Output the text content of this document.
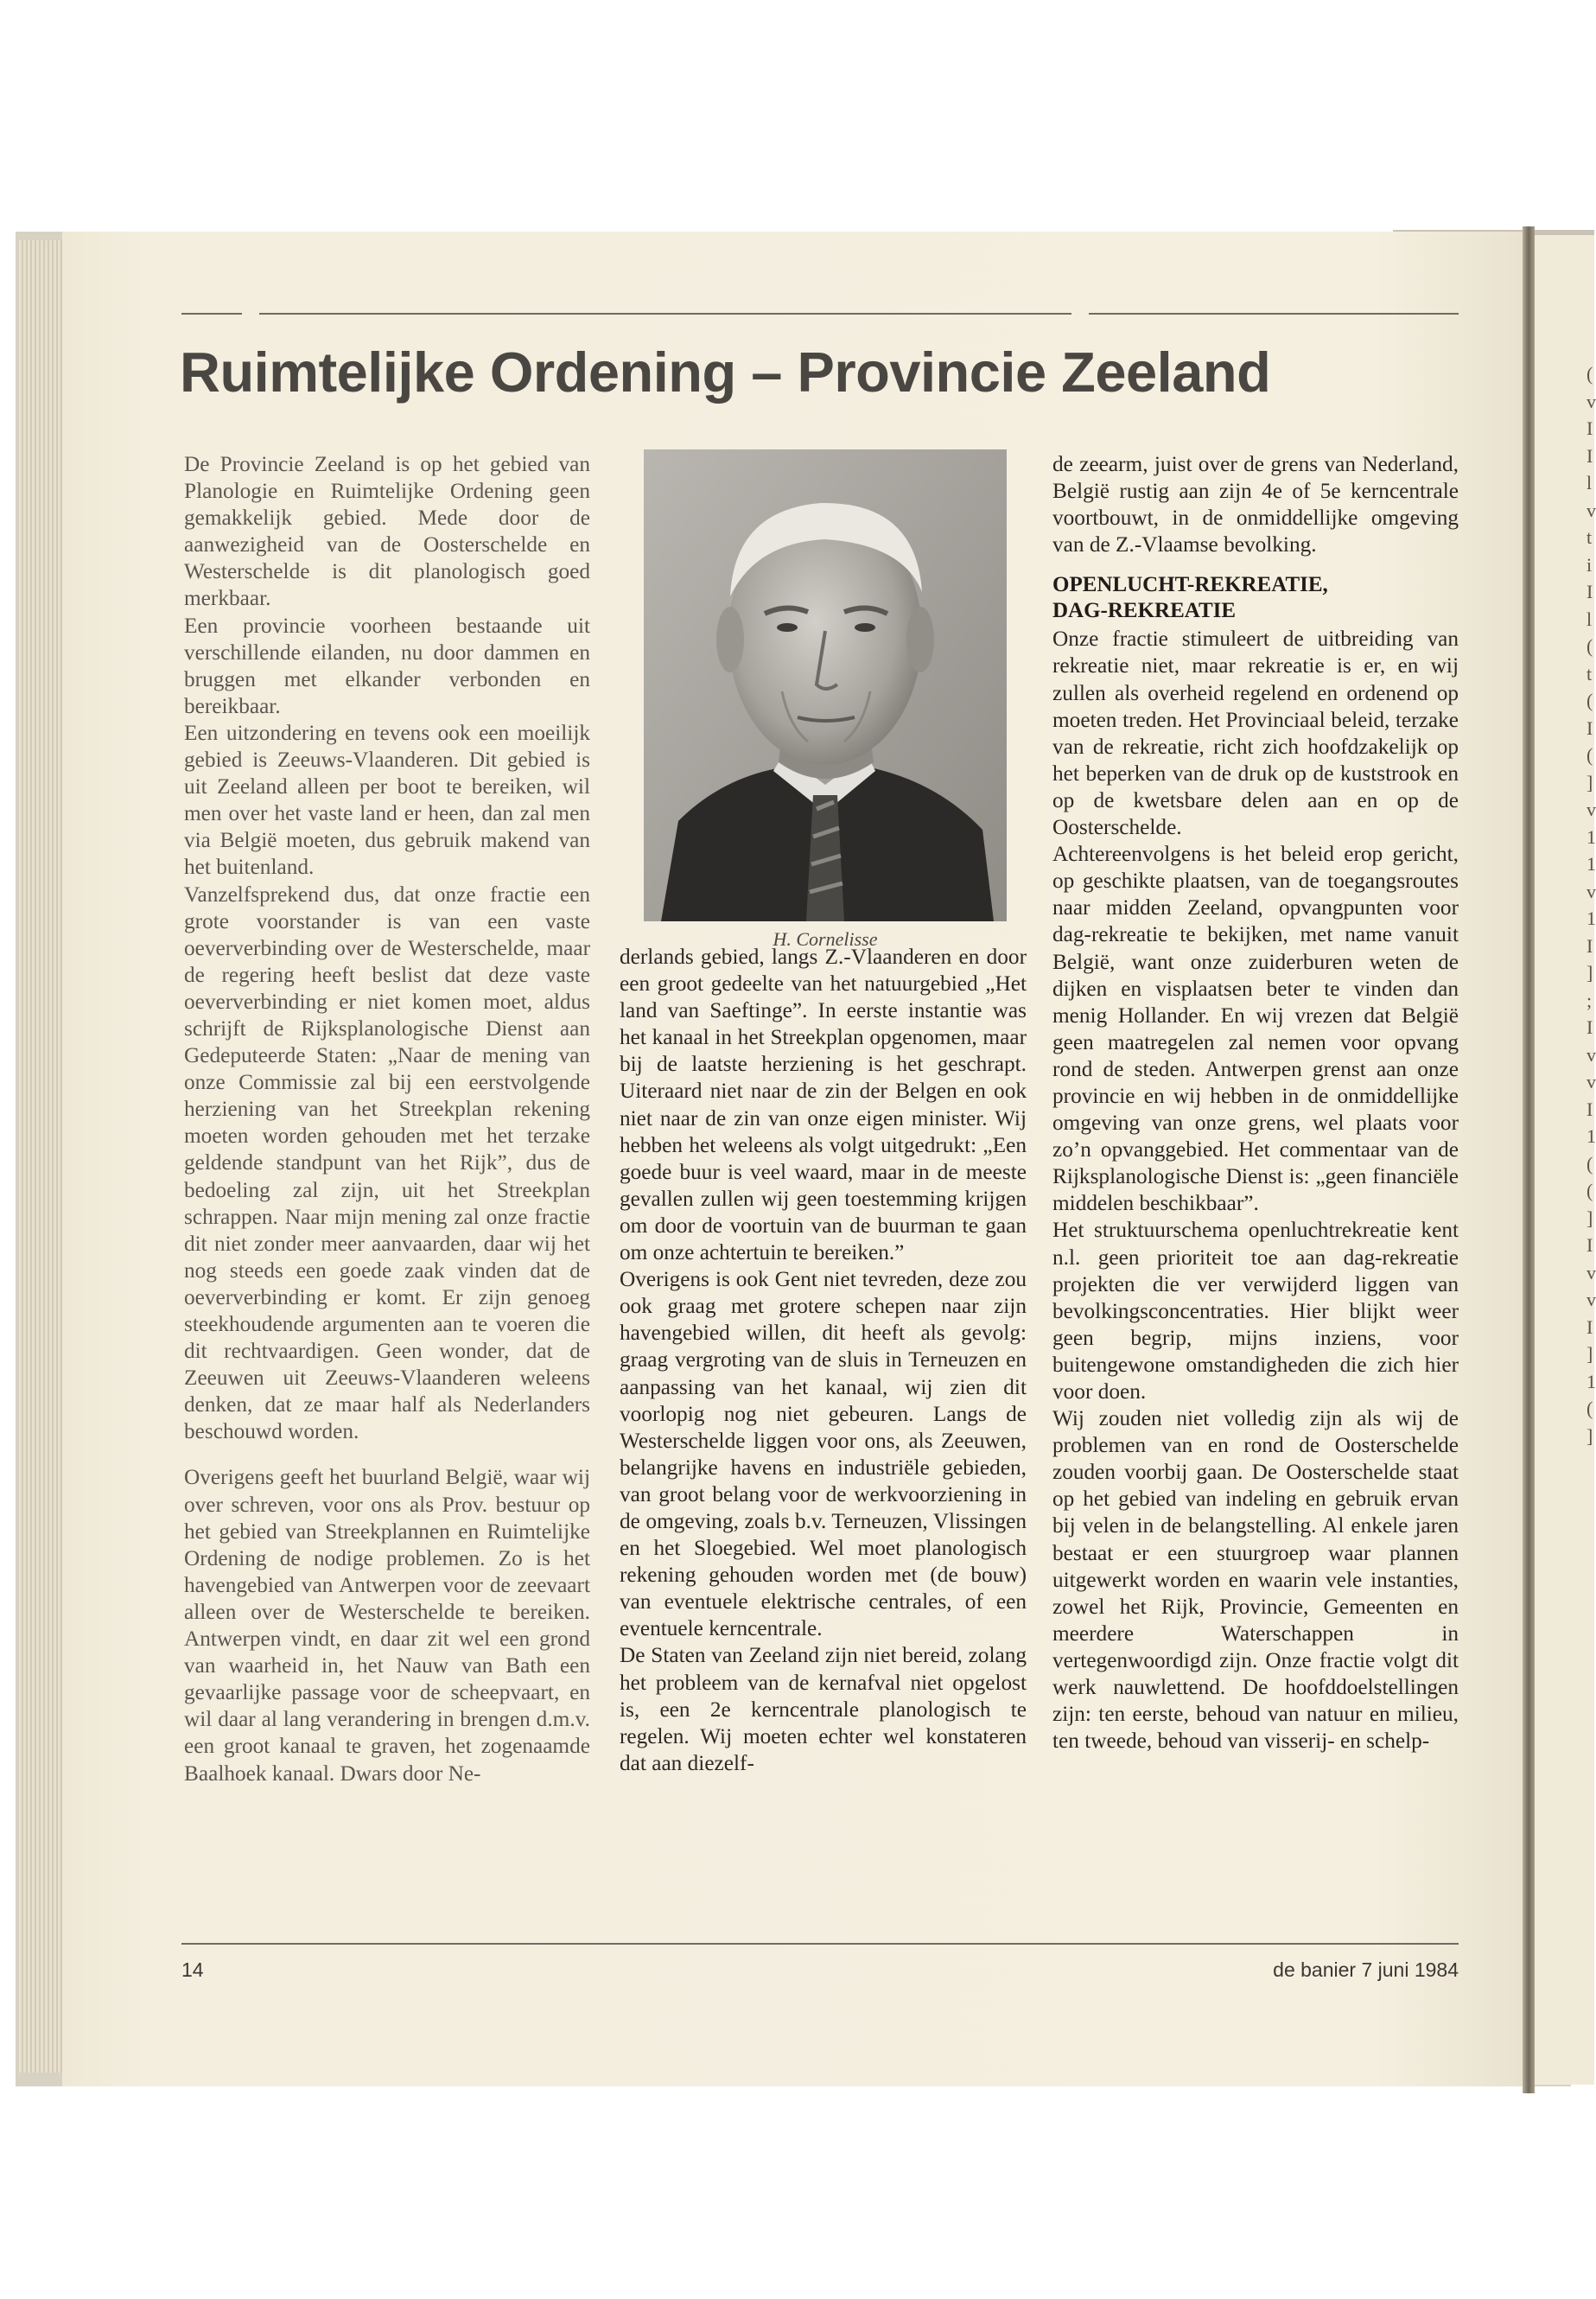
Ruimtelijke Ordening – Provincie Zeeland

De Provincie Zeeland is op het gebied van Planologie en Ruimtelijke Ordening geen gemakkelijk gebied. Mede door de aanwezigheid van de Oosterschelde en Westerschelde is dit planologisch goed merkbaar.

Een provincie voorheen bestaande uit verschillende eilanden, nu door dammen en bruggen met elkander verbonden en bereikbaar.

Een uitzondering en tevens ook een moeilijk gebied is Zeeuws-Vlaanderen. Dit gebied is uit Zeeland alleen per boot te bereiken, wil men over het vaste land er heen, dan zal men via België moeten, dus gebruik makend van het buitenland.

Vanzelfsprekend dus, dat onze fractie een grote voorstander is van een vaste oeververbinding over de Westerschelde, maar de regering heeft beslist dat deze vaste oeververbinding er niet komen moet, aldus schrijft de Rijksplanologische Dienst aan Gedeputeerde Staten: „Naar de mening van onze Commissie zal bij een eerstvolgende herziening van het Streekplan rekening moeten worden gehouden met het terzake geldende standpunt van het Rijk”, dus de bedoeling zal zijn, uit het Streekplan schrappen. Naar mijn mening zal onze fractie dit niet zonder meer aanvaarden, daar wij het nog steeds een goede zaak vinden dat de oeververbinding er komt. Er zijn genoeg steekhoudende argumenten aan te voeren die dit rechtvaardigen. Geen wonder, dat de Zeeuwen uit Zeeuws-Vlaanderen weleens denken, dat ze maar half als Nederlanders beschouwd worden.

Overigens geeft het buurland België, waar wij over schreven, voor ons als Prov. bestuur op het gebied van Streekplannen en Ruimtelijke Ordening de nodige problemen. Zo is het havengebied van Antwerpen voor de zeevaart alleen over de Westerschelde te bereiken. Antwerpen vindt, en daar zit wel een grond van waarheid in, het Nauw van Bath een gevaarlijke passage voor de scheepvaart, en wil daar al lang verandering in brengen d.m.v. een groot kanaal te graven, het zogenaamde Baalhoek kanaal. Dwars door Ne-

H. Cornelisse

derlands gebied, langs Z.-Vlaanderen en door een groot gedeelte van het natuurgebied „Het land van Saeftinge”. In eerste instantie was het kanaal in het Streekplan opgenomen, maar bij de laatste herziening is het geschrapt. Uiteraard niet naar de zin der Belgen en ook niet naar de zin van onze eigen minister. Wij hebben het weleens als volgt uitgedrukt: „Een goede buur is veel waard, maar in de meeste gevallen zullen wij geen toestemming krijgen om door de voortuin van de buurman te gaan om onze achtertuin te bereiken.”

Overigens is ook Gent niet tevreden, deze zou ook graag met grotere schepen naar zijn havengebied willen, dit heeft als gevolg: graag vergroting van de sluis in Terneuzen en aanpassing van het kanaal, wij zien dit voorlopig nog niet gebeuren. Langs de Westerschelde liggen voor ons, als Zeeuwen, belangrijke havens en industriële gebieden, van groot belang voor de werkvoorziening in de omgeving, zoals b.v. Terneuzen, Vlissingen en het Sloegebied. Wel moet planologisch rekening gehouden worden met (de bouw) van eventuele elektrische centrales, of een eventuele kerncentrale.

De Staten van Zeeland zijn niet bereid, zolang het probleem van de kernafval niet opgelost is, een 2e kerncentrale planologisch te regelen. Wij moeten echter wel konstateren dat aan diezelf-

de zeearm, juist over de grens van Nederland, België rustig aan zijn 4e of 5e kerncentrale voortbouwt, in de onmiddellijke omgeving van de Z.-Vlaamse bevolking.

OPENLUCHT-REKREATIE,
DAG-REKREATIE

Onze fractie stimuleert de uitbreiding van rekreatie niet, maar rekreatie is er, en wij zullen als overheid regelend en ordenend op moeten treden. Het Provinciaal beleid, terzake van de rekreatie, richt zich hoofdzakelijk op het beperken van de druk op de kuststrook en op de kwetsbare delen aan en op de Oosterschelde.

Achtereenvolgens is het beleid erop gericht, op geschikte plaatsen, van de toegangsroutes naar midden Zeeland, opvangpunten voor dag-rekreatie te bekijken, met name vanuit België, want onze zuiderburen weten de dijken en visplaatsen beter te vinden dan menig Hollander. En wij vrezen dat België geen maatregelen zal nemen voor opvang rond de steden. Antwerpen grenst aan onze provincie en wij hebben in de onmiddellijke omgeving van onze grens, wel plaats voor zo’n opvanggebied. Het commentaar van de Rijksplanologische Dienst is: „geen financiële middelen beschikbaar”.

Het struktuurschema openluchtrekreatie kent n.l. geen prioriteit toe aan dag-rekreatie projekten die ver verwijderd liggen van bevolkingsconcentraties. Hier blijkt weer geen begrip, mijns inziens, voor buitengewone omstandigheden die zich hier voor doen.

Wij zouden niet volledig zijn als wij de problemen van en rond de Oosterschelde zouden voorbij gaan. De Oosterschelde staat op het gebied van indeling en gebruik ervan bij velen in de belangstelling. Al enkele jaren bestaat er een stuurgroep waar plannen uitgewerkt worden en waarin vele instanties, zowel het Rijk, Provincie, Gemeenten en meerdere Waterschappen in vertegenwoordigd zijn. Onze fractie volgt dit werk nauwlettend. De hoofddoelstellingen zijn: ten eerste, behoud van natuur en milieu, ten tweede, behoud van visserij- en schelp-

14	de banier 7 juni 1984
(
v
I
I
l
v
t
i
I
l
(
t
(
I
(
]
v
1
1
v
1
I
]
;
I
v
v
I
1
(
(
]
I
v
v
I
]
1
(
]
